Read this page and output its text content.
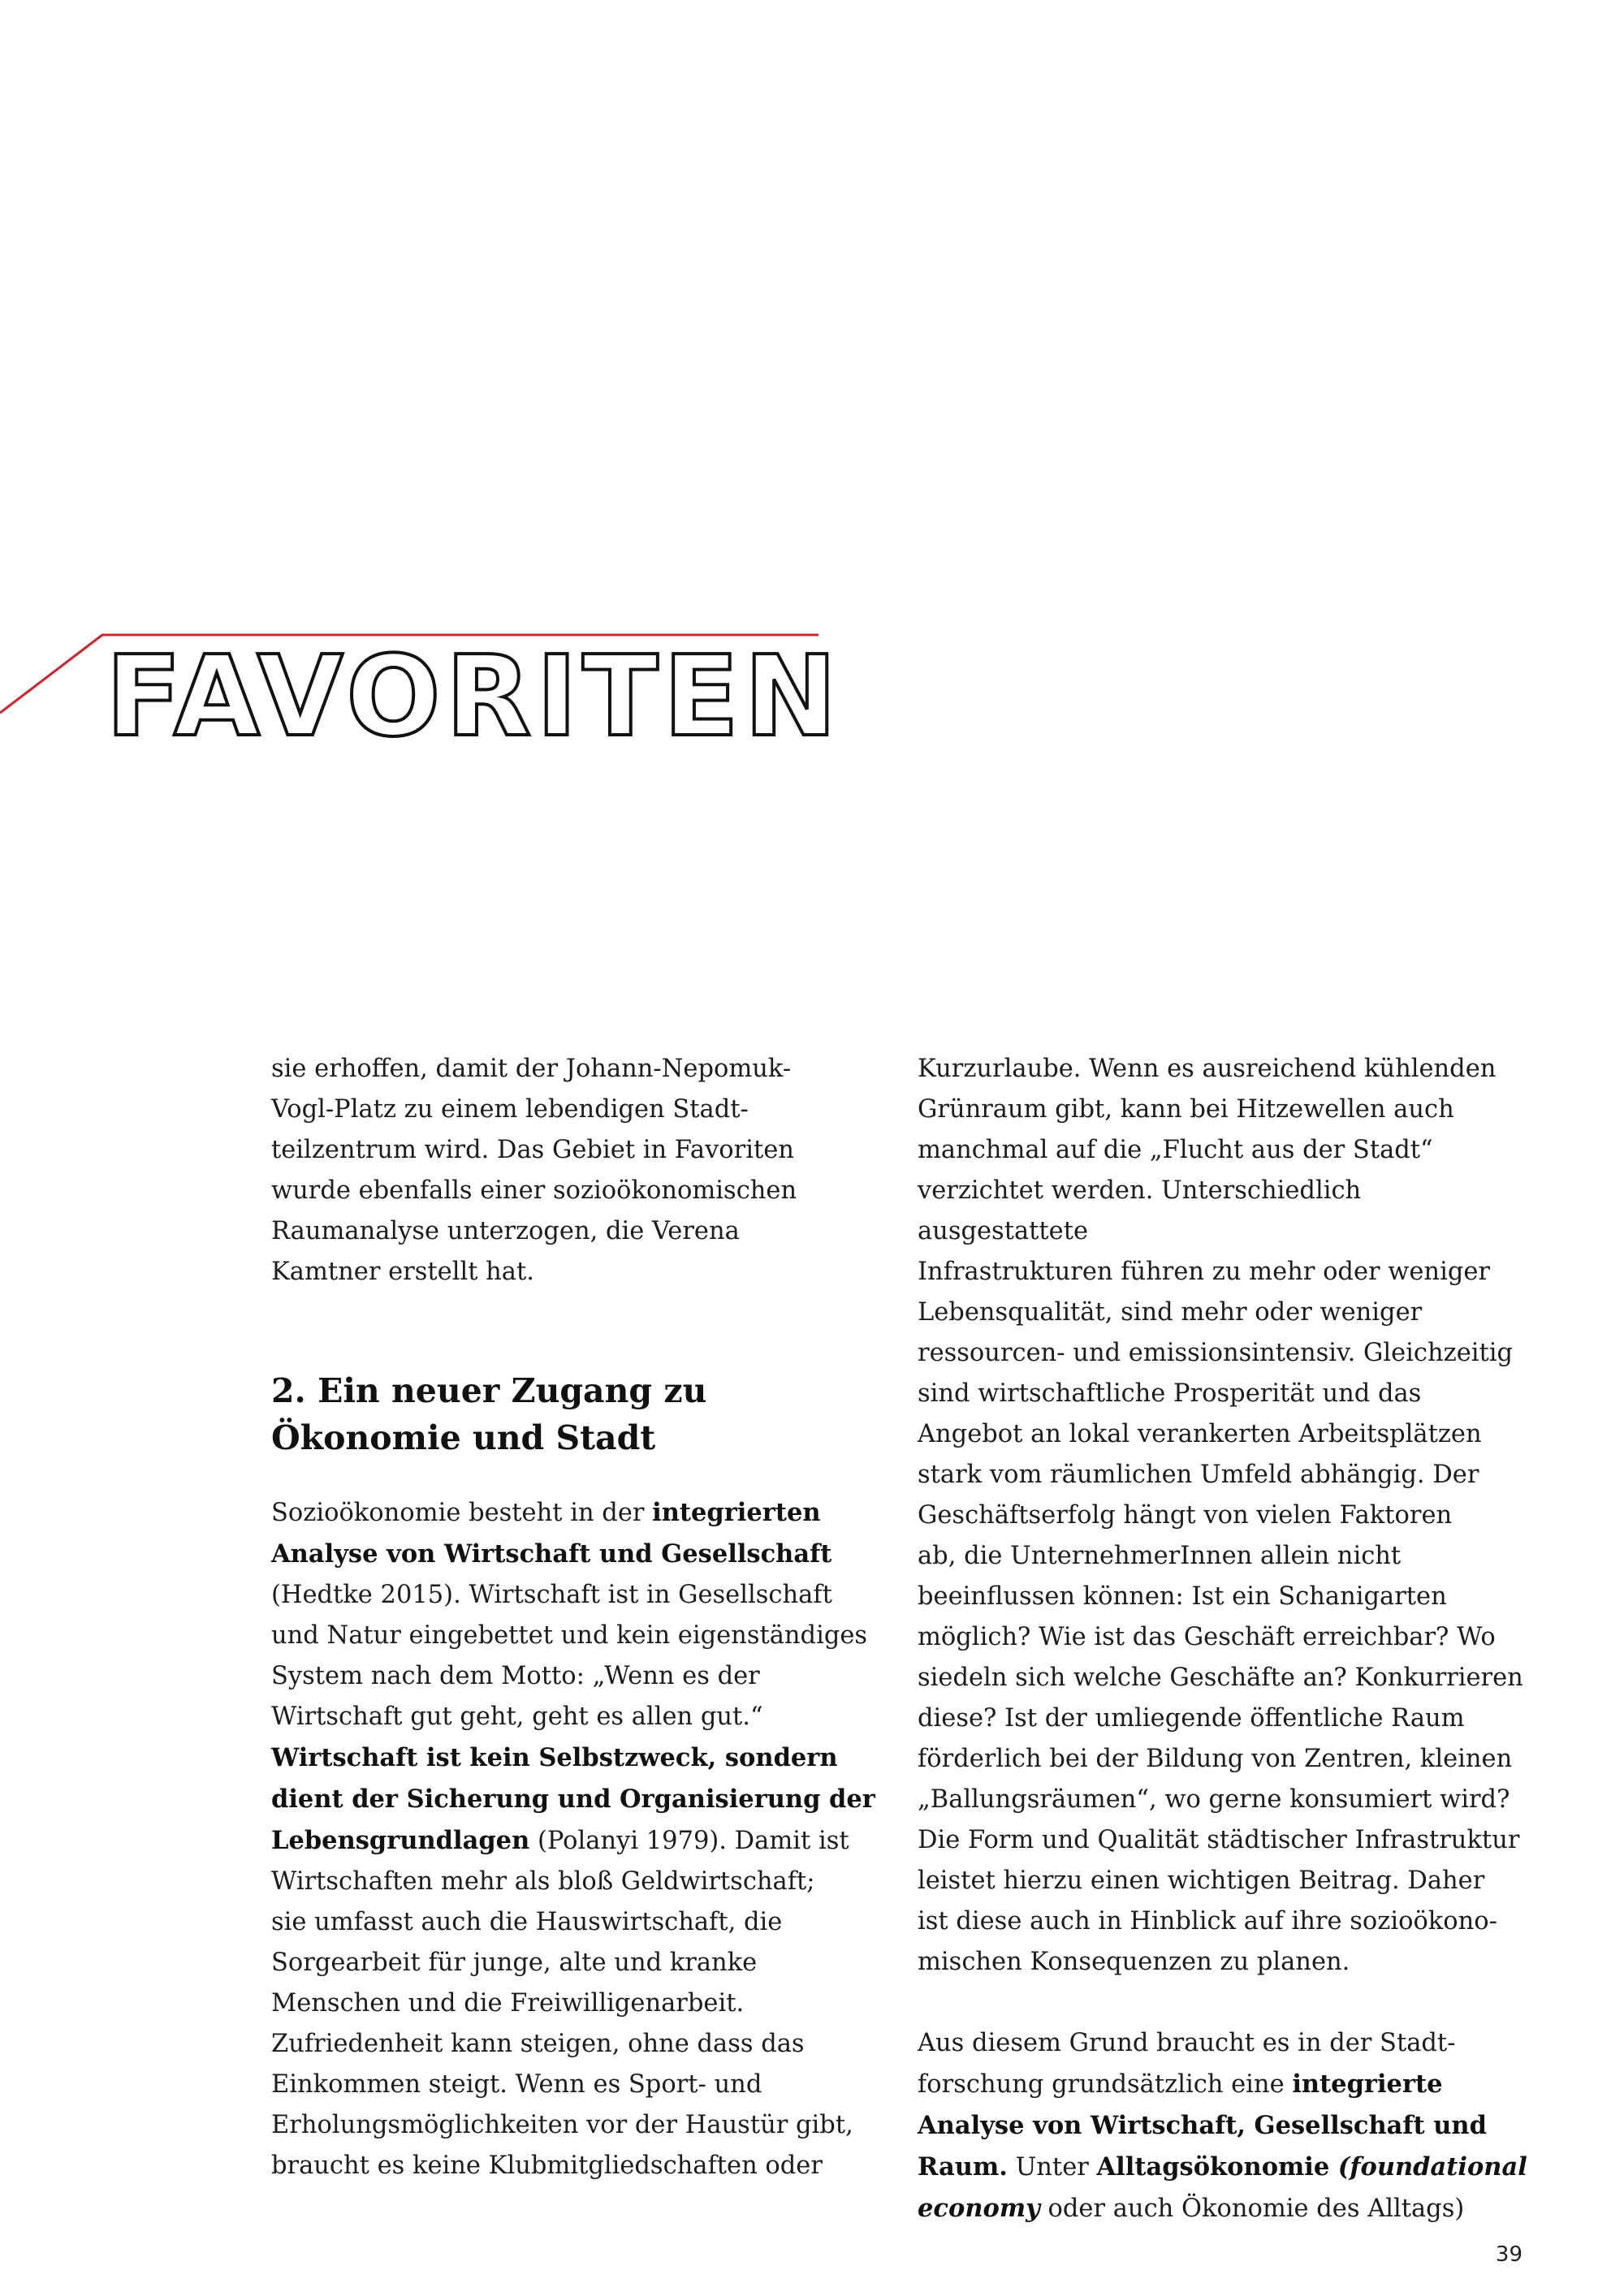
FAVORITEN

sie erhoffen, damit der Johann-Nepomuk-
Vogl-Platz zu einem lebendigen Stadt-
teilzentrum wird. Das Gebiet in Favoriten
wurde ebenfalls einer sozioökonomischen
Raumanalyse unterzogen, die Verena
Kamtner erstellt hat.

2. Ein neuer Zugang zu
Ökonomie und Stadt

Sozioökonomie besteht in der integrierten
Analyse von Wirtschaft und Gesellschaft
(Hedtke 2015). Wirtschaft ist in Gesellschaft
und Natur eingebettet und kein eigenständiges
System nach dem Motto: „Wenn es der
Wirtschaft gut geht, geht es allen gut.“
Wirtschaft ist kein Selbstzweck, sondern
dient der Sicherung und Organisierung der
Lebensgrundlagen (Polanyi 1979). Damit ist
Wirtschaften mehr als bloß Geldwirtschaft;
sie umfasst auch die Hauswirtschaft, die
Sorgearbeit für junge, alte und kranke
Menschen und die Freiwilligenarbeit.
Zufriedenheit kann steigen, ohne dass das
Einkommen steigt. Wenn es Sport- und
Erholungsmöglichkeiten vor der Haustür gibt,
braucht es keine Klubmitgliedschaften oder

Kurzurlaube. Wenn es ausreichend kühlenden
Grünraum gibt, kann bei Hitzewellen auch
manchmal auf die „Flucht aus der Stadt“
verzichtet werden. Unterschiedlich ausgestattete
Infrastrukturen führen zu mehr oder weniger
Lebensqualität, sind mehr oder weniger
ressourcen- und emissionsintensiv. Gleichzeitig
sind wirtschaftliche Prosperität und das
Angebot an lokal verankerten Arbeitsplätzen
stark vom räumlichen Umfeld abhängig. Der
Geschäftserfolg hängt von vielen Faktoren
ab, die UnternehmerInnen allein nicht
beeinflussen können: Ist ein Schanigarten
möglich? Wie ist das Geschäft erreichbar? Wo
siedeln sich welche Geschäfte an? Konkurrieren
diese? Ist der umliegende öffentliche Raum
förderlich bei der Bildung von Zentren, kleinen
„Ballungsräumen“, wo gerne konsumiert wird?
Die Form und Qualität städtischer Infrastruktur
leistet hierzu einen wichtigen Beitrag. Daher
ist diese auch in Hinblick auf ihre sozioökono-
mischen Konsequenzen zu planen.

Aus diesem Grund braucht es in der Stadt-
forschung grundsätzlich eine integrierte
Analyse von Wirtschaft, Gesellschaft und
Raum. Unter Alltagsökonomie (foundational
economy oder auch Ökonomie des Alltags)

39
